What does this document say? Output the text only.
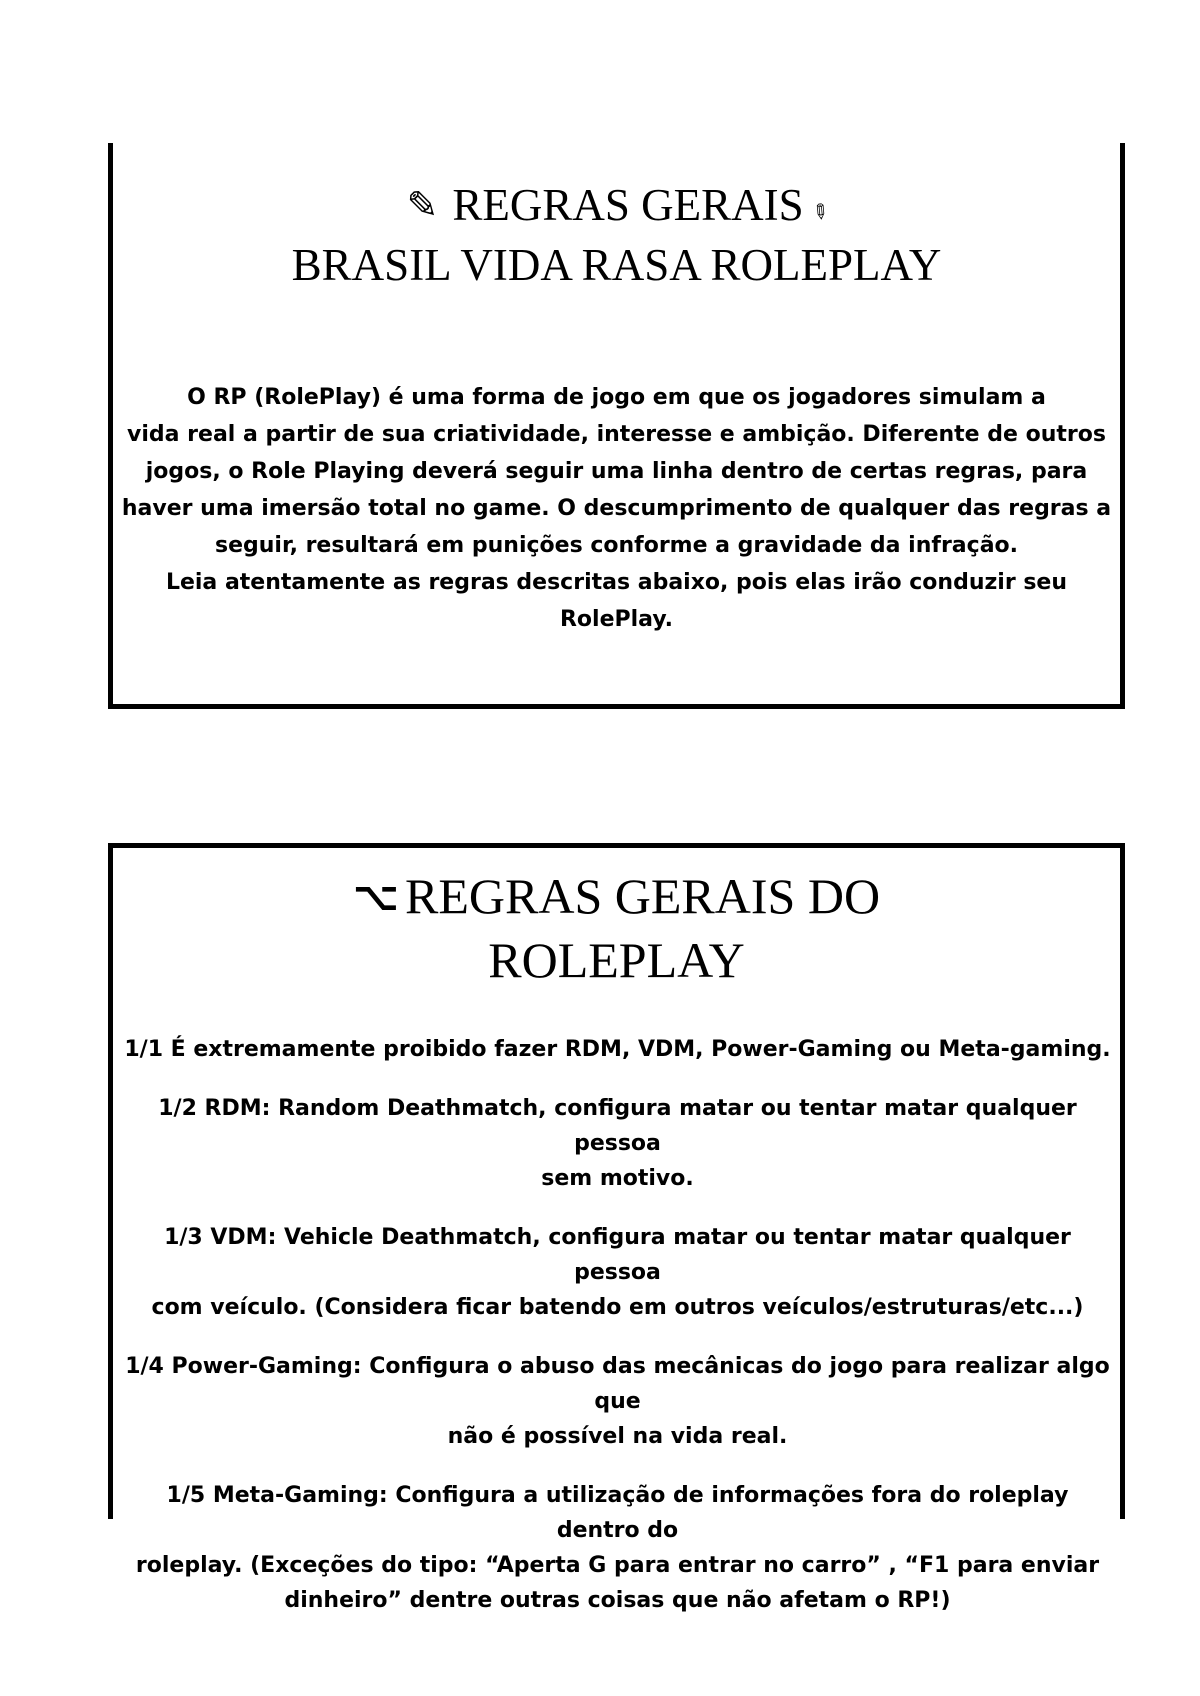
✎ REGRAS GERAIS ✎
BRASIL VIDA RASA ROLEPLAY

O RP (RolePlay) é uma forma de jogo em que os jogadores simulam a

vida real a partir de sua criatividade, interesse e ambição. Diferente de outros

jogos, o Role Playing deverá seguir uma linha dentro de certas regras, para

haver uma imersão total no game. O descumprimento de qualquer das regras a

seguir, resultará em punições conforme a gravidade da infração.

Leia atentamente as regras descritas abaixo, pois elas irão conduzir seu

RolePlay.

⌥ REGRAS GERAIS DO
ROLEPLAY

1/1 É extremamente proibido fazer RDM, VDM, Power-Gaming ou Meta-gaming.

1/2 RDM: Random Deathmatch, configura matar ou tentar matar qualquer pessoa
sem motivo.

1/3 VDM: Vehicle Deathmatch, configura matar ou tentar matar qualquer pessoa
com veículo. (Considera ficar batendo em outros veículos/estruturas/etc...)

1/4 Power-Gaming: Configura o abuso das mecânicas do jogo para realizar algo que
não é possível na vida real.

1/5 Meta-Gaming: Configura a utilização de informações fora do roleplay dentro do
roleplay. (Exceções do tipo: “Aperta G para entrar no carro” , “F1 para enviar
dinheiro” dentre outras coisas que não afetam o RP!)
